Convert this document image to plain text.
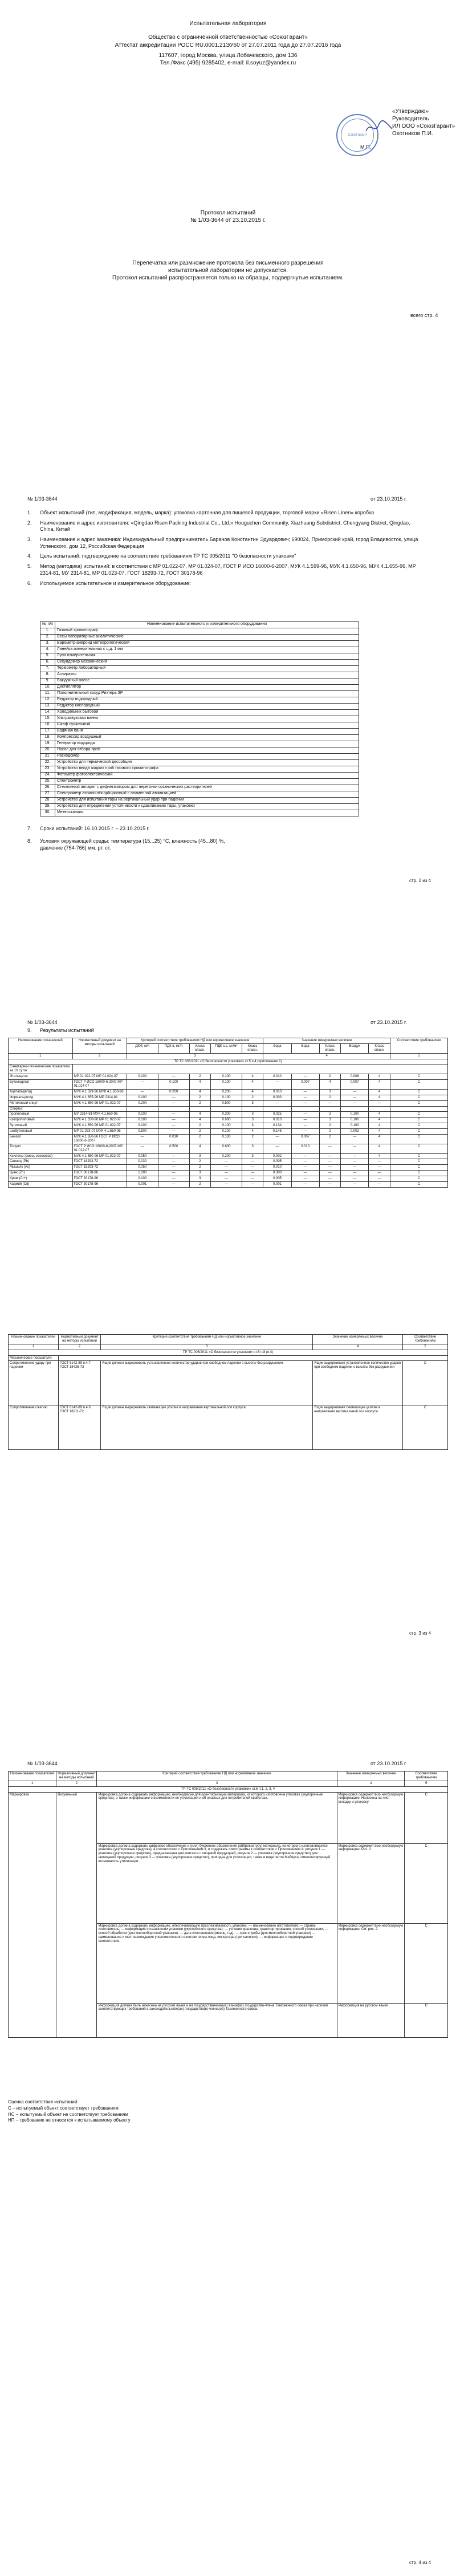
Испытательная лаборатория
Общество с ограниченной ответственностью «СоюзГарант»
Аттестат аккредитации РОСС RU.0001.21ЭУ60 от 27.07.2011 года до 27.07.2016 года
117607, город Москва, улица Лобачевского, дом 136
Тел./Факс (495) 9285402, e-mail: il.soyuz@yandex.ru
«Утверждаю»
Руководитель
ИЛ ООО «СоюзГарант»
Охотников П.И.
М.П.
СоюзГарант
Протокол испытаний
№ 1/03-3644 от 23.10.2015 г.
Перепечатка или размножение протокола без письменного разрешения
испытательной лаборатории не допускается.
Протокол испытаний распространяется только на образцы, подвергнутые испытаниям.
всего стр. 4
№ 1/03-3644	от 23.10.2015 г.
1.	Объект испытаний (тип, модификация, модель, марка): упаковка картонная для пищевой продукции, торговой марки «Risen Linen» коробка
2.	Наименование и адрес изготовителя: «Qingdao Risen Packing Industrial Co., Ltd.» Houguchen Community, Xiazhuang Subdistrict, Chengyang District, Qingdao, China, Китай
3.	Наименование и адрес заказчика: Индивидуальный предприниматель Баранов Константин Эдуардович; 690024, Приморский край, город Владивосток, улица Успенского, дом 12, Российская Федерация
4.	Цель испытаний: подтверждение на соответствие требованиям ТР ТС 005/2011 "О безопасности упаковки"
5.	Метод (методика) испытаний: в соответствии с МР 01.022-07, МР 01.024-07, ГОСТ Р ИСО 16000-6-2007, МУК 4.1.599-96, МУК 4.1.650-96, МУК 4.1.655-96, МР 2314-81, МУ 2314-81, МР 01.023-07, ГОСТ 18293-72, ГОСТ 30178-96
6.	Используемое испытательное и измерительное оборудование:
№ п/п	Наименование испытательного и измерительного оборудования
1.	Газовый хроматограф
2.	Весы лабораторные аналитические
3.	Барометр-анероид метеорологический
4.	Линейка измерительная с ц.д. 1 мм
5.	Лупа измерительная
6.	Секундомер механический
7.	Термометр лабораторный
8.	Аспиратор
9.	Вакуумный насос
10.	Дистиллятор
11.	Пополнительный сосуд Рихтера ЗР
12.	Редуктор водородный
13.	Редуктор кислородный
14.	Холодильник бытовой
15.	Ультразвуковая ванна
16.	Шкаф сушильный
17.	Водяная баня
18.	Компрессор воздушный
19.	Генератор водорода
20.	Насос для отбора проб
21.	Расходомер
22.	Устройство для термической десорбции
23.	Устройство ввода жидких проб газового хроматографа
24.	Фотометр фотоэлектрический
25.	Спектрометр
26.	Стеклянный аппарат с дефлегматором для перегонки органических растворителей
27.	Спектрометр атомно-абсорбционный с пламенной атомизацией
28.	Устройство для испытания тары на вертикальный удар при падении
29.	Устройство для определения устойчивости к сдавливанию тары, упаковки
30.	Метеостанция
7.	Сроки испытаний: 16.10.2015 г. – 23.10.2015 г.
8.	Условия окружающей среды: температура (15...25) °С, влажность (45...80) %,
давление (754-766) мм. рт. ст.
стр. 2 из 4
№ 1/03-3644	от 23.10.2015 г.
9.	Результаты испытаний
Наименование показателей	Нормативный документ на методы испытаний	Критерий соответствия требованиям НД или нормативное значение					Значение измеряемых величин					Соответствие требованиям
		ДКМ, м/л	ПДК в, мг/л	Класс опасн.	ПДК с.с. мг/м³	Класс опасн.	Вода	Вода	Класс опасн.	Воздух	Класс опасн.	
1	2	3					4					5
ТР ТС 005/2011 «О безопасности упаковки» ст.5 п.4 (приложение 1)												
Санитарно-гигиенические показатели за 10 суток												
Этилацетат	МР 01.022-07 МР 01.024-07	0.100	—	2	0.100	4	0.010	—	2	0.008	4	С
Бутилацетат	ГОСТ Р ИСО 16000-6-2007 МР 01.024-07	—	0.100	4	0.100	4	—	0.007	4	0.007	4	С
Ацетальдегид	МУК 4.1.599-96 МУК 4.1.650-96	—	0.200	4	0.200	4	0.010	—	3	—	4	С
Формальдегид	МУК 4.1.655-96 МР 2314-81	0.100	—	2	0.100	2	0.003	—	2	—	4	С
Метиловый спирт	МУК 4.1.650-96 МР 01.022-07	0.200	—	2	0.500	3	—	—	—	—	—	С
Спирты:												
пропиловый	МУ 2314-81 МУК 4.1.650-96	0.100	—	4	0.300	3	0.025	—	2	0.100	4	С
изопропиловый	МУК 4.1.650-96 МР 01.022-07	0.100	—	4	0.600	3	0.010	—	3	0.100	4	С
бутиловый	МУК 4.1.650-96 МР 01.022-07	0.100	—	2	0.100	3	0.134	—	2	0.100	4	С
изобутиловый	МР 01.023-07 МУК 4.1.650-96	0.500	—	2	0.100	4	0.146	—	2	0.002	4	С
Бензол	МУК 4.1.650-96 ГОСТ Р ИСО 16000-6-2007	—	0.010	2	0.100	2	—	0.007	2	—	4	С
Толуол	ГОСТ Р ИСО 16000-6-2007 МР 01.022-07	—	0.500	4	0.600	3	—	0.010	—	—	4	С
Ксилолы (смесь изомеров)	МУК 4.1.650-96 МР 01.022-07	0.050	—	3	0.200	3	0.002	—	—	—	4	С
Свинец (Pb)	ГОСТ 18293-72	0.030	—	2	—	—	0.005	—	—	—	—	С
Мышьяк (As)	ГОСТ 18293-72	0.050	—	2	—	—	0.010	—	—	—	—	С
Цинк (Zn)	ГОСТ 30178-96	1.000	—	3	—	—	0.300	—	—	—	—	С
Хром (Cr+)	ГОСТ 30178-96	0.100	—	3	—	—	0.005	—	—	—	—	С
Кадмий (Cd)	ГОСТ 30178-96	0.001	—	2	—	—	0.001	—	—	—	—	С
Наименование показателей	Нормативный документ на методы испытаний	Критерий соответствия требованиям НД или нормативное значение	Значение измеряемых величин	Соответствие требованиям
1	2	3	4	5
ТР ТС 005/2011 «О безопасности упаковки» ст.5 п.8 (п.4)				
Механические показатели:				
Сопротивление удару при падении	ГОСТ 8142-89 п.4.7 ГОСТ 18425-73	Ящик должен выдерживать установленное количество ударов при свободном падении с высоты без разрушения.	Ящик выдерживает установленное количество ударов при свободном падении с высоты без разрушения	С
Сопротивление сжатию	ГОСТ 8142-89 п.4.6 ГОСТ 18211-72	Ящик должен выдерживать сжимающее усилие в направлении вертикальной оси корпуса.	Ящик выдерживает сжимающее усилие в направлении вертикальной оси корпуса	С
стр. 3 из 4
№ 1/03-3644	от 23.10.2015 г.
Наименование показателей	Нормативный документ на методы испытаний	Критерий соответствия требованиям НД или нормативное значение	Значение измеряемых величин	Соответствие требованиям
1	2	3	4	5
ТР ТС 005/2011 «О безопасности упаковки» ст.6 п.1, 2, 3, 4				
Маркировка	Визуальный	Маркировка должна содержать информацию, необходимую для идентификации материала, из которого изготовлена упаковка (укупорочные средства), а также информацию о возможности ее утилизации и об опасных для потребителей свойствах.	Маркировка содержит всю необходимую информацию: Нанесена на лист-вкладку и упаковку	С
		Маркировка должна содержать цифровое обозначение и (или) буквенное обозначение (аббревиатуру) материала, из которого изготавливается упаковка (укупорочные средства), в соответствии с Приложением 3, и содержать пиктограммы в соответствии с Приложением 4: рисунок 1 — упаковка (укупорочное средство), предназначена для контакта с пищевой продукцией; рисунок 2 — упаковка (укупорочное средство) для непищевой продукции; рисунок 3 — упаковка (укупорочное средство), пригодна для утилизации, также в виде петли Мебиуса, символизирующей возможность утилизации.	Маркировка содержит всю необходимую информацию: Рис. 2	С
		Маркировка должна содержать информацию, обеспечивающую прослеживаемость упаковки: — наименование изготовителя; — страна-изготовитель; — информация о назначении упаковки (укупорочного средства); — условия хранения, транспортирования, способ утилизации; — способ обработки (для многооборотной упаковки); — дата изготовления (месяц, год); — срок службы (для многооборотной упаковки) — наименование и местонахождение уполномоченного изготовителем лица, импортера (при наличии); — информация о подтверждении соответствия.	Маркировка содержит всю необходимую информацию: См. рис. 2	С
		Информация должна быть нанесена на русском языке и на государственном(ых) языке(ах) государства-члена Таможенного союза при наличии соответствующих требований в законодательстве(ах) государства(в)-члена(ов) Таможенного союза.	Информация на русском языке	С
Оценка соответствия испытаний:
С – испытуемый объект соответствует требованиям
НС – испытуемый объект не соответствует требованиям
НП – требование не относится к испытываемому объекту
стр. 4 из 4
